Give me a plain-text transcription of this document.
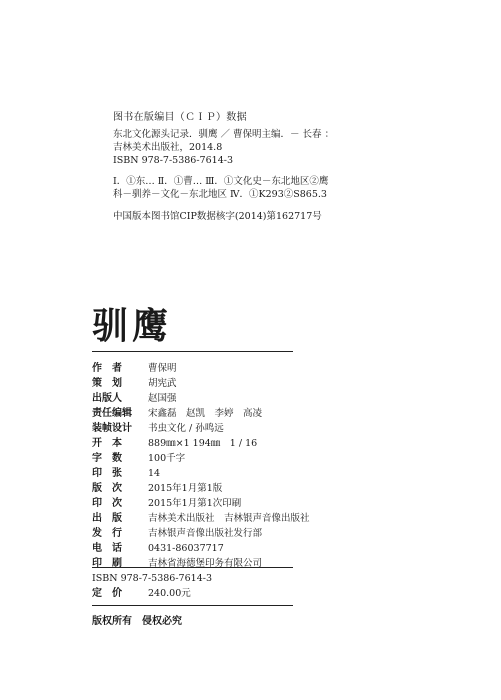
图书在版编目（ＣＩＰ）数据
东北文化源头记录．驯鹰 ／ 曹保明主编．－ 长春 ：
吉林美术出版社，2014.8
ISBN 978-7-5386-7614-3
Ⅰ．①东… Ⅱ．①曹… Ⅲ．①文化史－东北地区②鹰
科－驯养－文化－东北地区 Ⅳ．①K293②S865.3
中国版本图书馆CIP数据核字(2014)第162717号
驯鹰
作　者	曹保明
策　划	胡宪武
出版人	赵国强
责任编辑	宋鑫磊　赵凯　李婷　高凌
装帧设计	书虫文化 / 孙鸣远
开　本	889㎜×1 194㎜　1 / 16
字　数	100千字
印　张	14
版　次	2015年1月第1版
印　次	2015年1月第1次印刷
出　版	吉林美术出版社　吉林银声音像出版社
发　行	吉林银声音像出版社发行部
电　话	0431-86037717
印　刷	吉林省海德堡印务有限公司
ISBN 978-7-5386-7614-3
定　价	240.00元
版权所有　侵权必究
